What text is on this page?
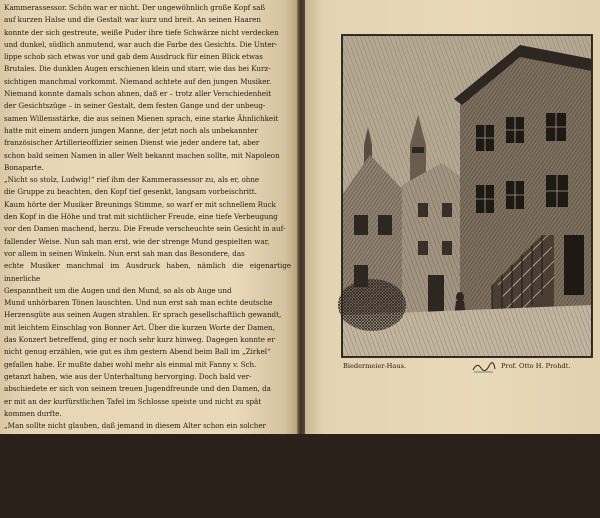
Kammerassessor. Schön war er nicht. Der ungewöhnlich große Kopf saß

auf kurzen Halse und die Gestalt war kurz und breit. An seinen Haaren

konnte der sich gestreute, weiße Puder ihre tiefe Schwärze nicht verdecken

und dunkel, südlich anmutend, war auch die Farbe des Gesichts. Die Unter-

lippe schob sich etwas vor und gab dem Ausdruck für einen Blick etwas

Brutales. Die dunklen Augen erschienen klein und starr, wie das bei Kurz-

sichtigen manchmal vorkommt. Niemand achtete auf den jungen Musiker.

Niemand konnte damals schon ahnen, daß er – trotz aller Verschiedenheit

der Gesichtszüge – in seiner Gestalt, dem festen Gange und der unbeug-

samen Willensstärke, die aus seinen Mienen sprach, eine starke Ähnlichkeit

hatte mit einem andern jungen Manne, der jetzt noch als unbekannter

französischer Artillerieoffizier seinen Dienst wie jeder andere tat, aber

schon bald seinen Namen in aller Welt bekannt machen sollte, mit Napoleon

Bonaparte.

„Nicht so stolz, Ludwig!“ rief ihm der Kammerassessor zu, als er, ohne

die Gruppe zu beachten, den Kopf tief gesenkt, langsam vorbeischritt.

Kaum hörte der Musiker Breunings Stimme, so warf er mit schnellem Ruck

den Kopf in die Höhe und trat mit sichtlicher Freude, eine tiefe Verbeugung

vor den Damen machend, herzu. Die Freude verscheuchte sein Gesicht in auf-

fallender Weise. Nun sah man erst, wie der strenge Mund gespielten war,

vor allem in seinen Winkeln. Nun erst sah man das Besondere, das

echte Musiker manchmal im Ausdruck haben, nämlich die eigenartige innerliche

Gespanntheit um die Augen und den Mund, so als ob Auge und

Mund unhörbaren Tönen lauschten. Und nun erst sah man echte deutsche

Herzensgüte aus seinen Augen strahlen. Er sprach gesellschaftlich gewandt,

mit leichtem Einschlag von Bonner Art. Über die kurzen Worte der Damen,

das Konzert betreffend, ging er noch sehr kurz hinweg. Dagegen konnte er

nicht genug erzählen, wie gut es ihm gestern Abend beim Ball im „Zirkel“

gefallen habe. Er mußte dabei wohl mehr als einmal mit Fanny v. Sch.

getanzt haben, wie aus der Unterhaltung hervorging. Doch bald ver-

abschiedete er sich von seinem treuen Jugendfreunde und den Damen, da

er mit an der kurfürstlichen Tafel im Schlosse speiste und nicht zu spät

kommen durfte.

„Man sollte nicht glauben, daß jemand in diesem Alter schon ein solcher

Virtuose auf der Orgel sein könnte. Der junge Hoforganist überstrahlt mit

seiner Kunst das ganze übrige Orchester,“ sagte Frau v. Sch. Aber erst, als

der Musiker außer Lautweite war. Denn sie mußte schon aus öfterem Zu-

sammensein mit ihm, daß ihn jedes Lob seiner Kunst ärgerte und daß er

diesen Ärger sogar Damen gegenüber, trotz seiner sonstigen Wohlerzogenheit,

sehr deutlich zum Ausdruck bringen konnte. „Mir kommen die wunder-

vollen Phantasien in seinem Zwischenspiel nicht aus dem Sinn,“ antwortete

Biedermeier-Haus.	Prof. Otto H. Prohdt.
